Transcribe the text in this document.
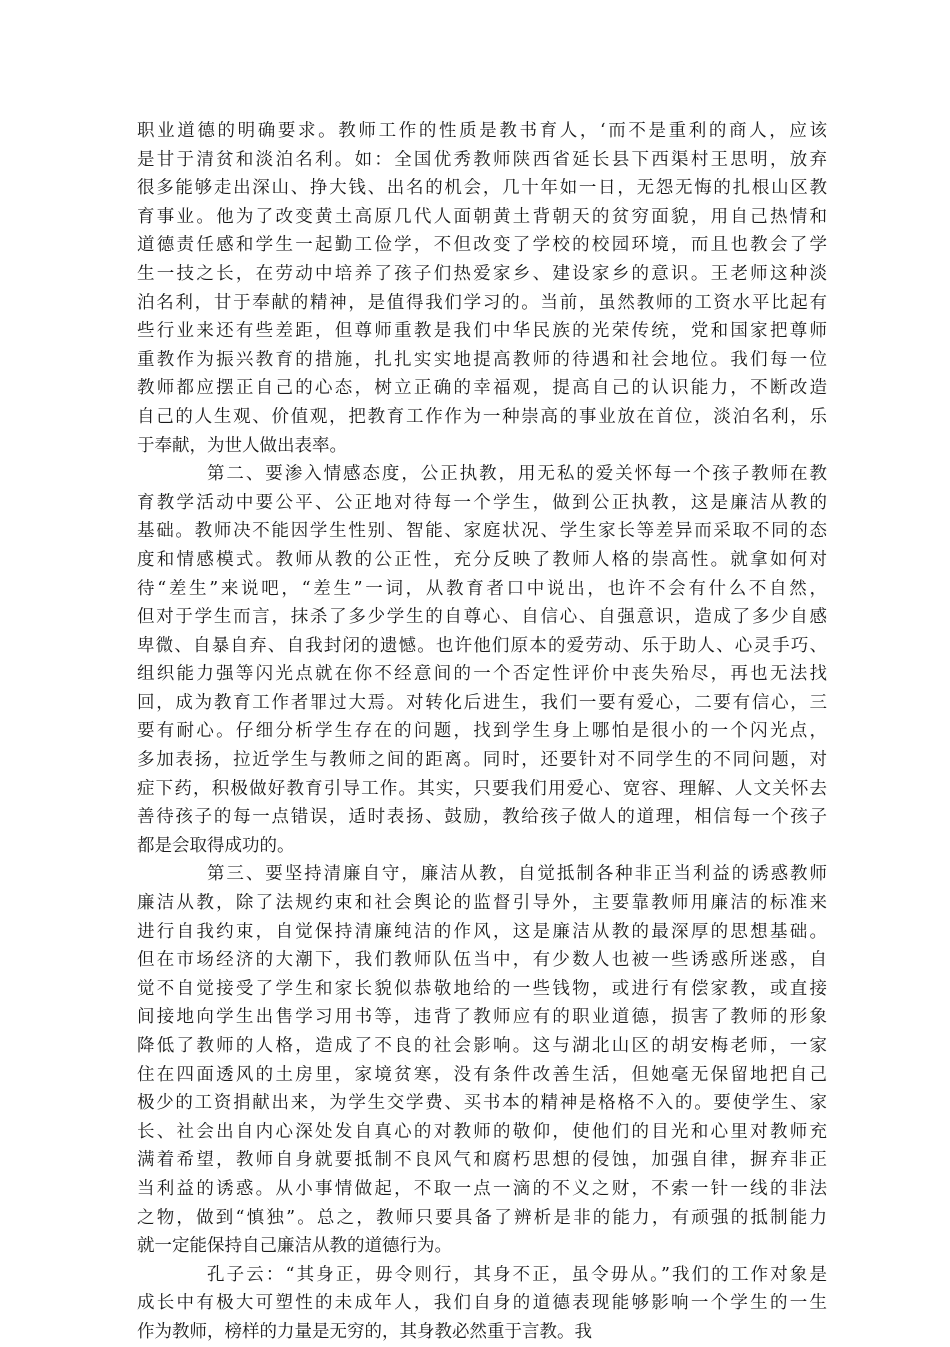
职业道德的明确要求。教师工作的性质是教书育人，‘而不是重利的商人，应该
是甘于清贫和淡泊名利。如：全国优秀教师陕西省延长县下西渠村王思明，放弃
很多能够走出深山、挣大钱、出名的机会，几十年如一日，无怨无悔的扎根山区教
育事业。他为了改变黄土高原几代人面朝黄土背朝天的贫穷面貌，用自己热情和
道德责任感和学生一起勤工俭学，不但改变了学校的校园环境，而且也教会了学
生一技之长，在劳动中培养了孩子们热爱家乡、建设家乡的意识。王老师这种淡
泊名利，甘于奉献的精神，是值得我们学习的。当前，虽然教师的工资水平比起有
些行业来还有些差距，但尊师重教是我们中华民族的光荣传统，党和国家把尊师
重教作为振兴教育的措施，扎扎实实地提高教师的待遇和社会地位。我们每一位
教师都应摆正自己的心态，树立正确的幸福观，提高自己的认识能力，不断改造
自己的人生观、价值观，把教育工作作为一种崇高的事业放在首位，淡泊名利，乐
于奉献，为世人做出表率。
第二、要渗入情感态度，公正执教，用无私的爱关怀每一个孩子教师在教
育教学活动中要公平、公正地对待每一个学生，做到公正执教，这是廉洁从教的
基础。教师决不能因学生性别、智能、家庭状况、学生家长等差异而采取不同的态
度和情感模式。教师从教的公正性，充分反映了教师人格的崇高性。就拿如何对
待“差生”来说吧，“差生”一词，从教育者口中说出，也许不会有什么不自然，
但对于学生而言，抹杀了多少学生的自尊心、自信心、自强意识，造成了多少自感
卑微、自暴自弃、自我封闭的遗憾。也许他们原本的爱劳动、乐于助人、心灵手巧、
组织能力强等闪光点就在你不经意间的一个否定性评价中丧失殆尽，再也无法找
回，成为教育工作者罪过大焉。对转化后进生，我们一要有爱心，二要有信心，三
要有耐心。仔细分析学生存在的问题，找到学生身上哪怕是很小的一个闪光点，
多加表扬，拉近学生与教师之间的距离。同时，还要针对不同学生的不同问题，对
症下药，积极做好教育引导工作。其实，只要我们用爱心、宽容、理解、人文关怀去
善待孩子的每一点错误，适时表扬、鼓励，教给孩子做人的道理，相信每一个孩子
都是会取得成功的。
第三、要坚持清廉自守，廉洁从教，自觉抵制各种非正当利益的诱惑教师
廉洁从教，除了法规约束和社会舆论的监督引导外，主要靠教师用廉洁的标准来
进行自我约束，自觉保持清廉纯洁的作风，这是廉洁从教的最深厚的思想基础。
但在市场经济的大潮下，我们教师队伍当中，有少数人也被一些诱惑所迷惑，自
觉不自觉接受了学生和家长貌似恭敬地给的一些钱物，或进行有偿家教，或直接
间接地向学生出售学习用书等，违背了教师应有的职业道德，损害了教师的形象
降低了教师的人格，造成了不良的社会影响。这与湖北山区的胡安梅老师，一家
住在四面透风的土房里，家境贫寒，没有条件改善生活，但她毫无保留地把自己
极少的工资捐献出来，为学生交学费、买书本的精神是格格不入的。要使学生、家
长、社会出自内心深处发自真心的对教师的敬仰，使他们的目光和心里对教师充
满着希望，教师自身就要抵制不良风气和腐朽思想的侵蚀，加强自律，摒弃非正
当利益的诱惑。从小事情做起，不取一点一滴的不义之财，不索一针一线的非法
之物，做到“慎独”。总之，教师只要具备了辨析是非的能力，有顽强的抵制能力
就一定能保持自己廉洁从教的道德行为。
孔子云：“其身正，毋令则行，其身不正，虽令毋从。”我们的工作对象是
成长中有极大可塑性的未成年人，我们自身的道德表现能够影响一个学生的一生
作为教师，榜样的力量是无穷的，其身教必然重于言教。我
